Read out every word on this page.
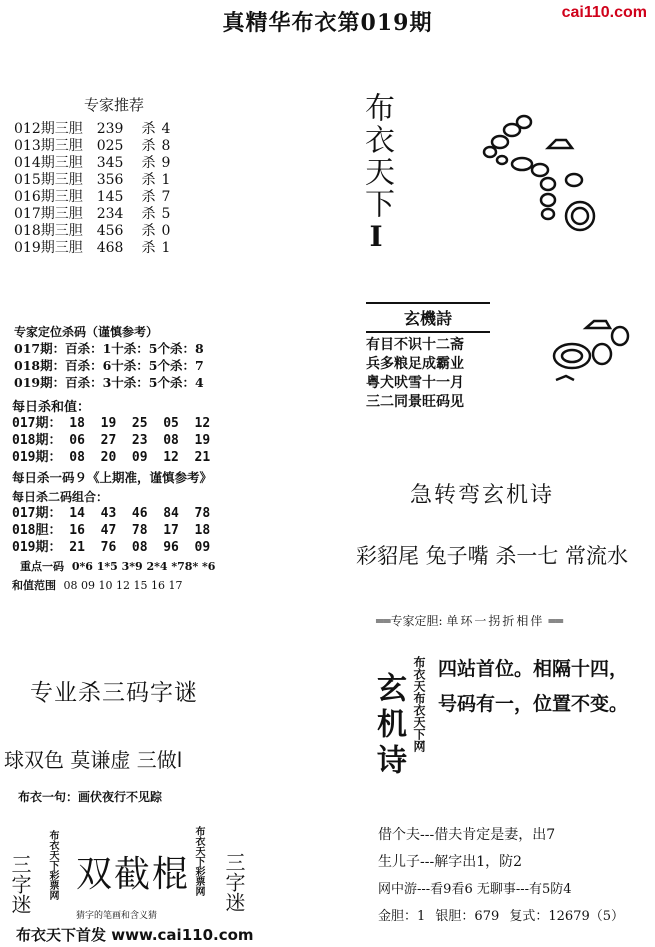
真精华布衣第019期	cai110.com
专家推荐
012期三胆 239 杀 4
013期三胆 025 杀 8
014期三胆 345 杀 9
015期三胆 356 杀 1
016期三胆 145 杀 7
017期三胆 234 杀 5
018期三胆 456 杀 0
019期三胆 468 杀 1
专家定位杀码（谨慎参考）
017期：百杀：1十杀：5个杀：8
018期：百杀：6十杀：5个杀：7
019期：百杀：3十杀：5个杀：4
每日杀和值：
017期： 18  19  25  05  12
018期： 06  27  23  08  19
019期： 08  20  09  12  21
每日杀一码９《上期准，谨慎参考》
每日杀二码组合：
017期： 14  43  46  84  78
018胆： 16  47  78  17  18
019期： 21  76  08  96  09
重点一码 0*6 1*5 3*9 2*4 *78* *6
和值范围 08 09 10 12 15 16 17
布衣天下
I
玄機詩
有目不识十二斋
兵多粮足成霸业
粤犬吠雪十一月
三二同景旺码见
急转弯玄机诗
彩貂尾 兔子嘴 杀一七 常流水
══专家定胆: 单环一拐折相伴 ══
玄机诗 布衣天布衣天下网 四站首位。相隔十四，
号码有一，位置不变。
借个夫---借夫肯定是妻，出7
生儿子---解字出1，防2
网中游---看9看6 无聊事---有5防4
金胆：1 银胆：679 复式：12679（5）
专业杀三码字谜
球双色 莫谦虚 三做l
布衣一句：画伏夜行不见踪
三字迷 布衣天下彩票网 双截棍
猜字的笔画和含义猜
布衣天下彩票网 三字迷
布衣天下首发 www.cai110.com
